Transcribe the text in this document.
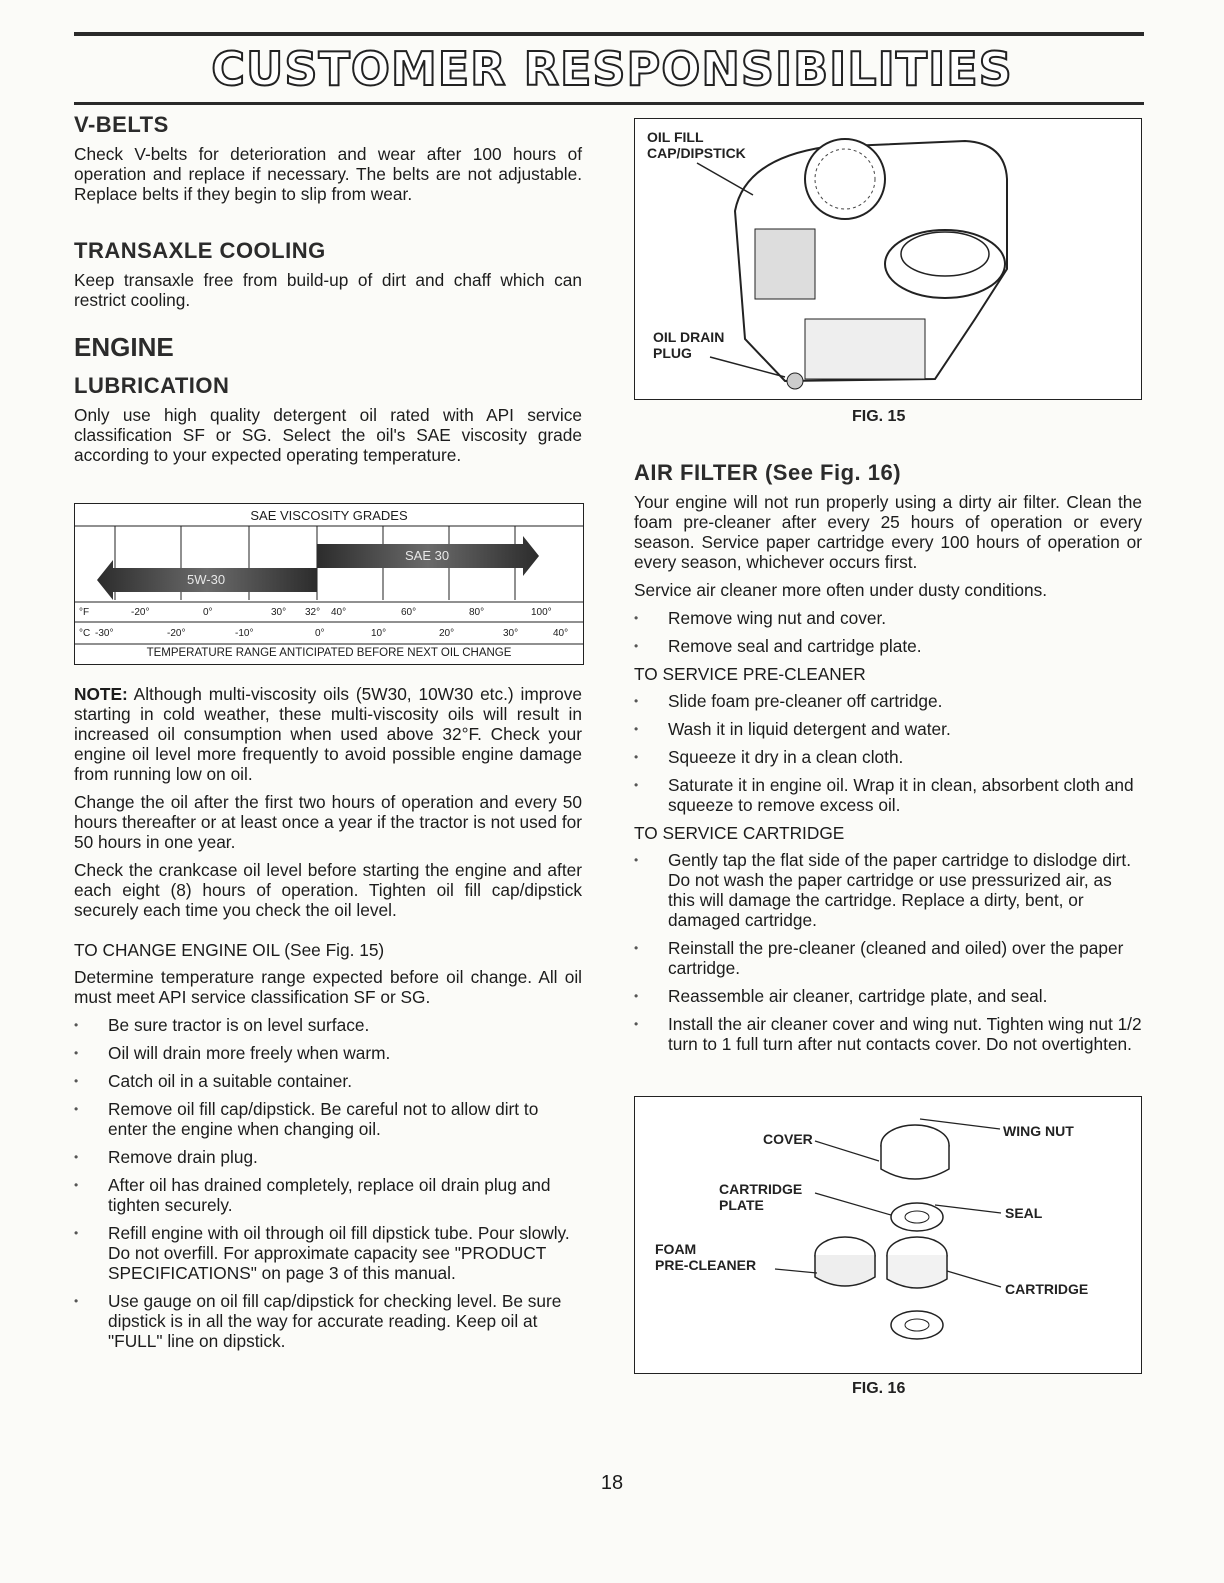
CUSTOMER RESPONSIBILITIES
V-BELTS

Check V-belts for deterioration and wear after 100 hours of operation and replace if necessary. The belts are not adjustable. Replace belts if they begin to slip from wear.

TRANSAXLE COOLING

Keep transaxle free from build-up of dirt and chaff which can restrict cooling.

ENGINE
LUBRICATION

Only use high quality detergent oil rated with API service classification SF or SG. Select the oil's SAE viscosity grade according to your expected operating temperature.

SAE VISCOSITY GRADES
SAE 30
5W-30
°F	-20°	0°	30° 32° 40°	60°	80°	100°
°C -30°	-20°	-10°	0°	10°	20°	30°	40°
TEMPERATURE RANGE ANTICIPATED BEFORE NEXT OIL CHANGE

NOTE: Although multi-viscosity oils (5W30, 10W30 etc.) improve starting in cold weather, these multi-viscosity oils will result in increased oil consumption when used above 32°F. Check your engine oil level more frequently to avoid possible engine damage from running low on oil.

Change the oil after the first two hours of operation and every 50 hours thereafter or at least once a year if the tractor is not used for 50 hours in one year.

Check the crankcase oil level before starting the engine and after each eight (8) hours of operation. Tighten oil fill cap/dipstick securely each time you check the oil level.

TO CHANGE ENGINE OIL (See Fig. 15)

Determine temperature range expected before oil change. All oil must meet API service classification SF or SG.

• Be sure tractor is on level surface.
• Oil will drain more freely when warm.
• Catch oil in a suitable container.
• Remove oil fill cap/dipstick. Be careful not to allow dirt to enter the engine when changing oil.
• Remove drain plug.
• After oil has drained completely, replace oil drain plug and tighten securely.
• Refill engine with oil through oil fill dipstick tube. Pour slowly. Do not overfill. For approximate capacity see "PRODUCT SPECIFICATIONS" on page 3 of this manual.
• Use gauge on oil fill cap/dipstick for checking level. Be sure dipstick is in all the way for accurate reading. Keep oil at "FULL" line on dipstick.
OIL FILL
CAP/DIPSTICK
OIL DRAIN
PLUG
FIG. 15
AIR FILTER (See Fig. 16)

Your engine will not run properly using a dirty air filter. Clean the foam pre-cleaner after every 25 hours of operation or every season. Service paper cartridge every 100 hours of operation or every season, whichever occurs first.

Service air cleaner more often under dusty conditions.

• Remove wing nut and cover.
• Remove seal and cartridge plate.
TO SERVICE PRE-CLEANER
• Slide foam pre-cleaner off cartridge.
• Wash it in liquid detergent and water.
• Squeeze it dry in a clean cloth.
• Saturate it in engine oil. Wrap it in clean, absorbent cloth and squeeze to remove excess oil.
TO SERVICE CARTRIDGE
• Gently tap the flat side of the paper cartridge to dislodge dirt. Do not wash the paper cartridge or use pressurized air, as this will damage the cartridge. Replace a dirty, bent, or damaged cartridge.
• Reinstall the pre-cleaner (cleaned and oiled) over the paper cartridge.
• Reassemble air cleaner, cartridge plate, and seal.
• Install the air cleaner cover and wing nut. Tighten wing nut 1/2 turn to 1 full turn after nut contacts cover. Do not overtighten.
COVER	WING NUT
CARTRIDGE
PLATE	SEAL
FOAM
PRE-CLEANER
CARTRIDGE
FIG. 16
18
